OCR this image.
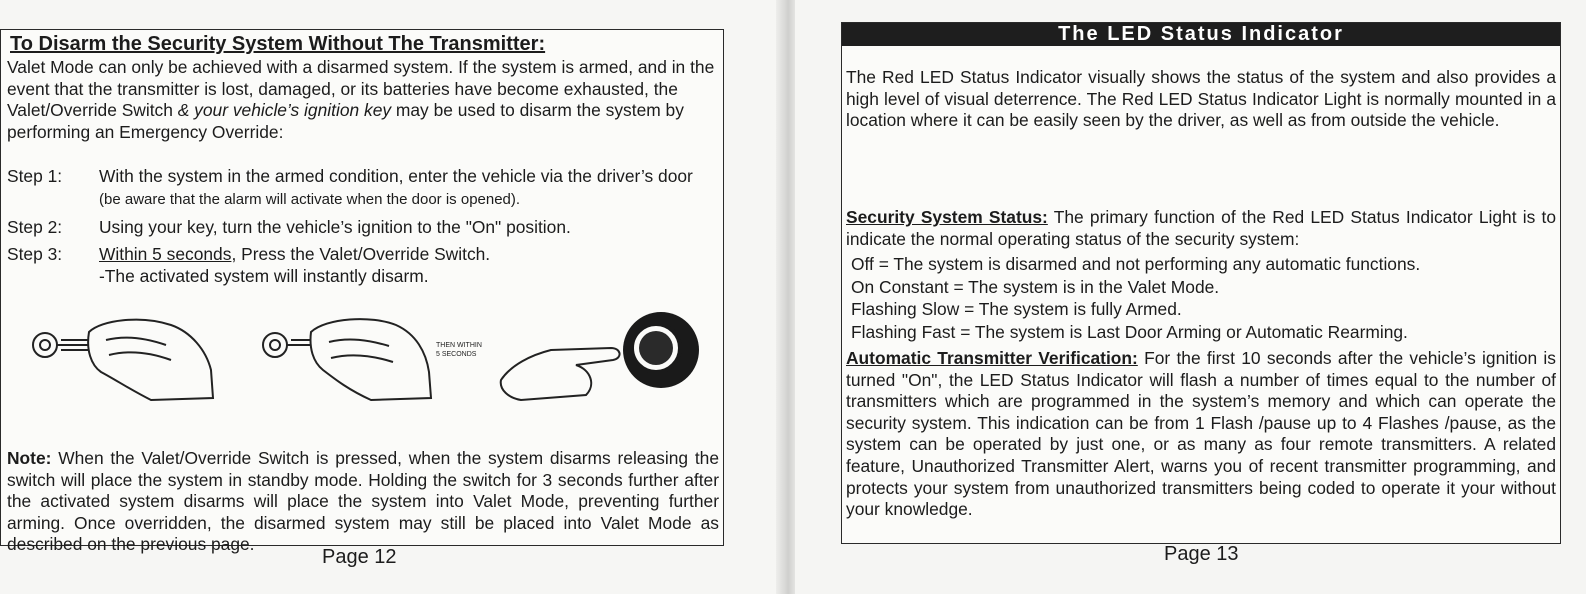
To Disarm the Security System Without The Transmitter:

Valet Mode can only be achieved with a disarmed system. If the system is armed, and in the event that the transmitter is lost, damaged, or its batteries have become exhausted, the Valet/Override Switch & your vehicle’s ignition key may be used to disarm the system by performing an Emergency Override:

Step 1: With the system in the armed condition, enter the vehicle via the driver’s door (be aware that the alarm will activate when the door is opened).
Step 2: Using your key, turn the vehicle’s ignition to the "On" position.
Step 3: Within 5 seconds, Press the Valet/Override Switch.
-The activated system will instantly disarm.
THEN WITHIN
5 SECONDS

Note: When the Valet/Override Switch is pressed, when the system disarms releasing the switch will place the system in standby mode. Holding the switch for 3 seconds further after the activated system disarms will place the system into Valet Mode, preventing further arming. Once overridden, the disarmed system may still be placed into Valet Mode as described on the previous page.

Page 12
The LED Status Indicator

The Red LED Status Indicator visually shows the status of the system and also provides a high level of visual deterrence. The Red LED Status Indicator Light is normally mounted in a location where it can be easily seen by the driver, as well as from outside the vehicle.

Security System Status: The primary function of the Red LED Status Indicator Light is to indicate the normal operating status of the security system:

Off = The system is disarmed and not performing any automatic functions.
On Constant = The system is in the Valet Mode.
Flashing Slow = The system is fully Armed.
Flashing Fast = The system is Last Door Arming or Automatic Rearming.

Automatic Transmitter Verification: For the first 10 seconds after the vehicle’s ignition is turned "On", the LED Status Indicator will flash a number of times equal to the number of transmitters which are programmed in the system’s memory and which can operate the security system. This indication can be from 1 Flash /pause up to 4 Flashes /pause, as the system can be operated by just one, or as many as four remote transmitters. A related feature, Unauthorized Transmitter Alert, warns you of recent transmitter programming, and protects your system from unauthorized transmitters being coded to operate it your without your knowledge.

Page 13
